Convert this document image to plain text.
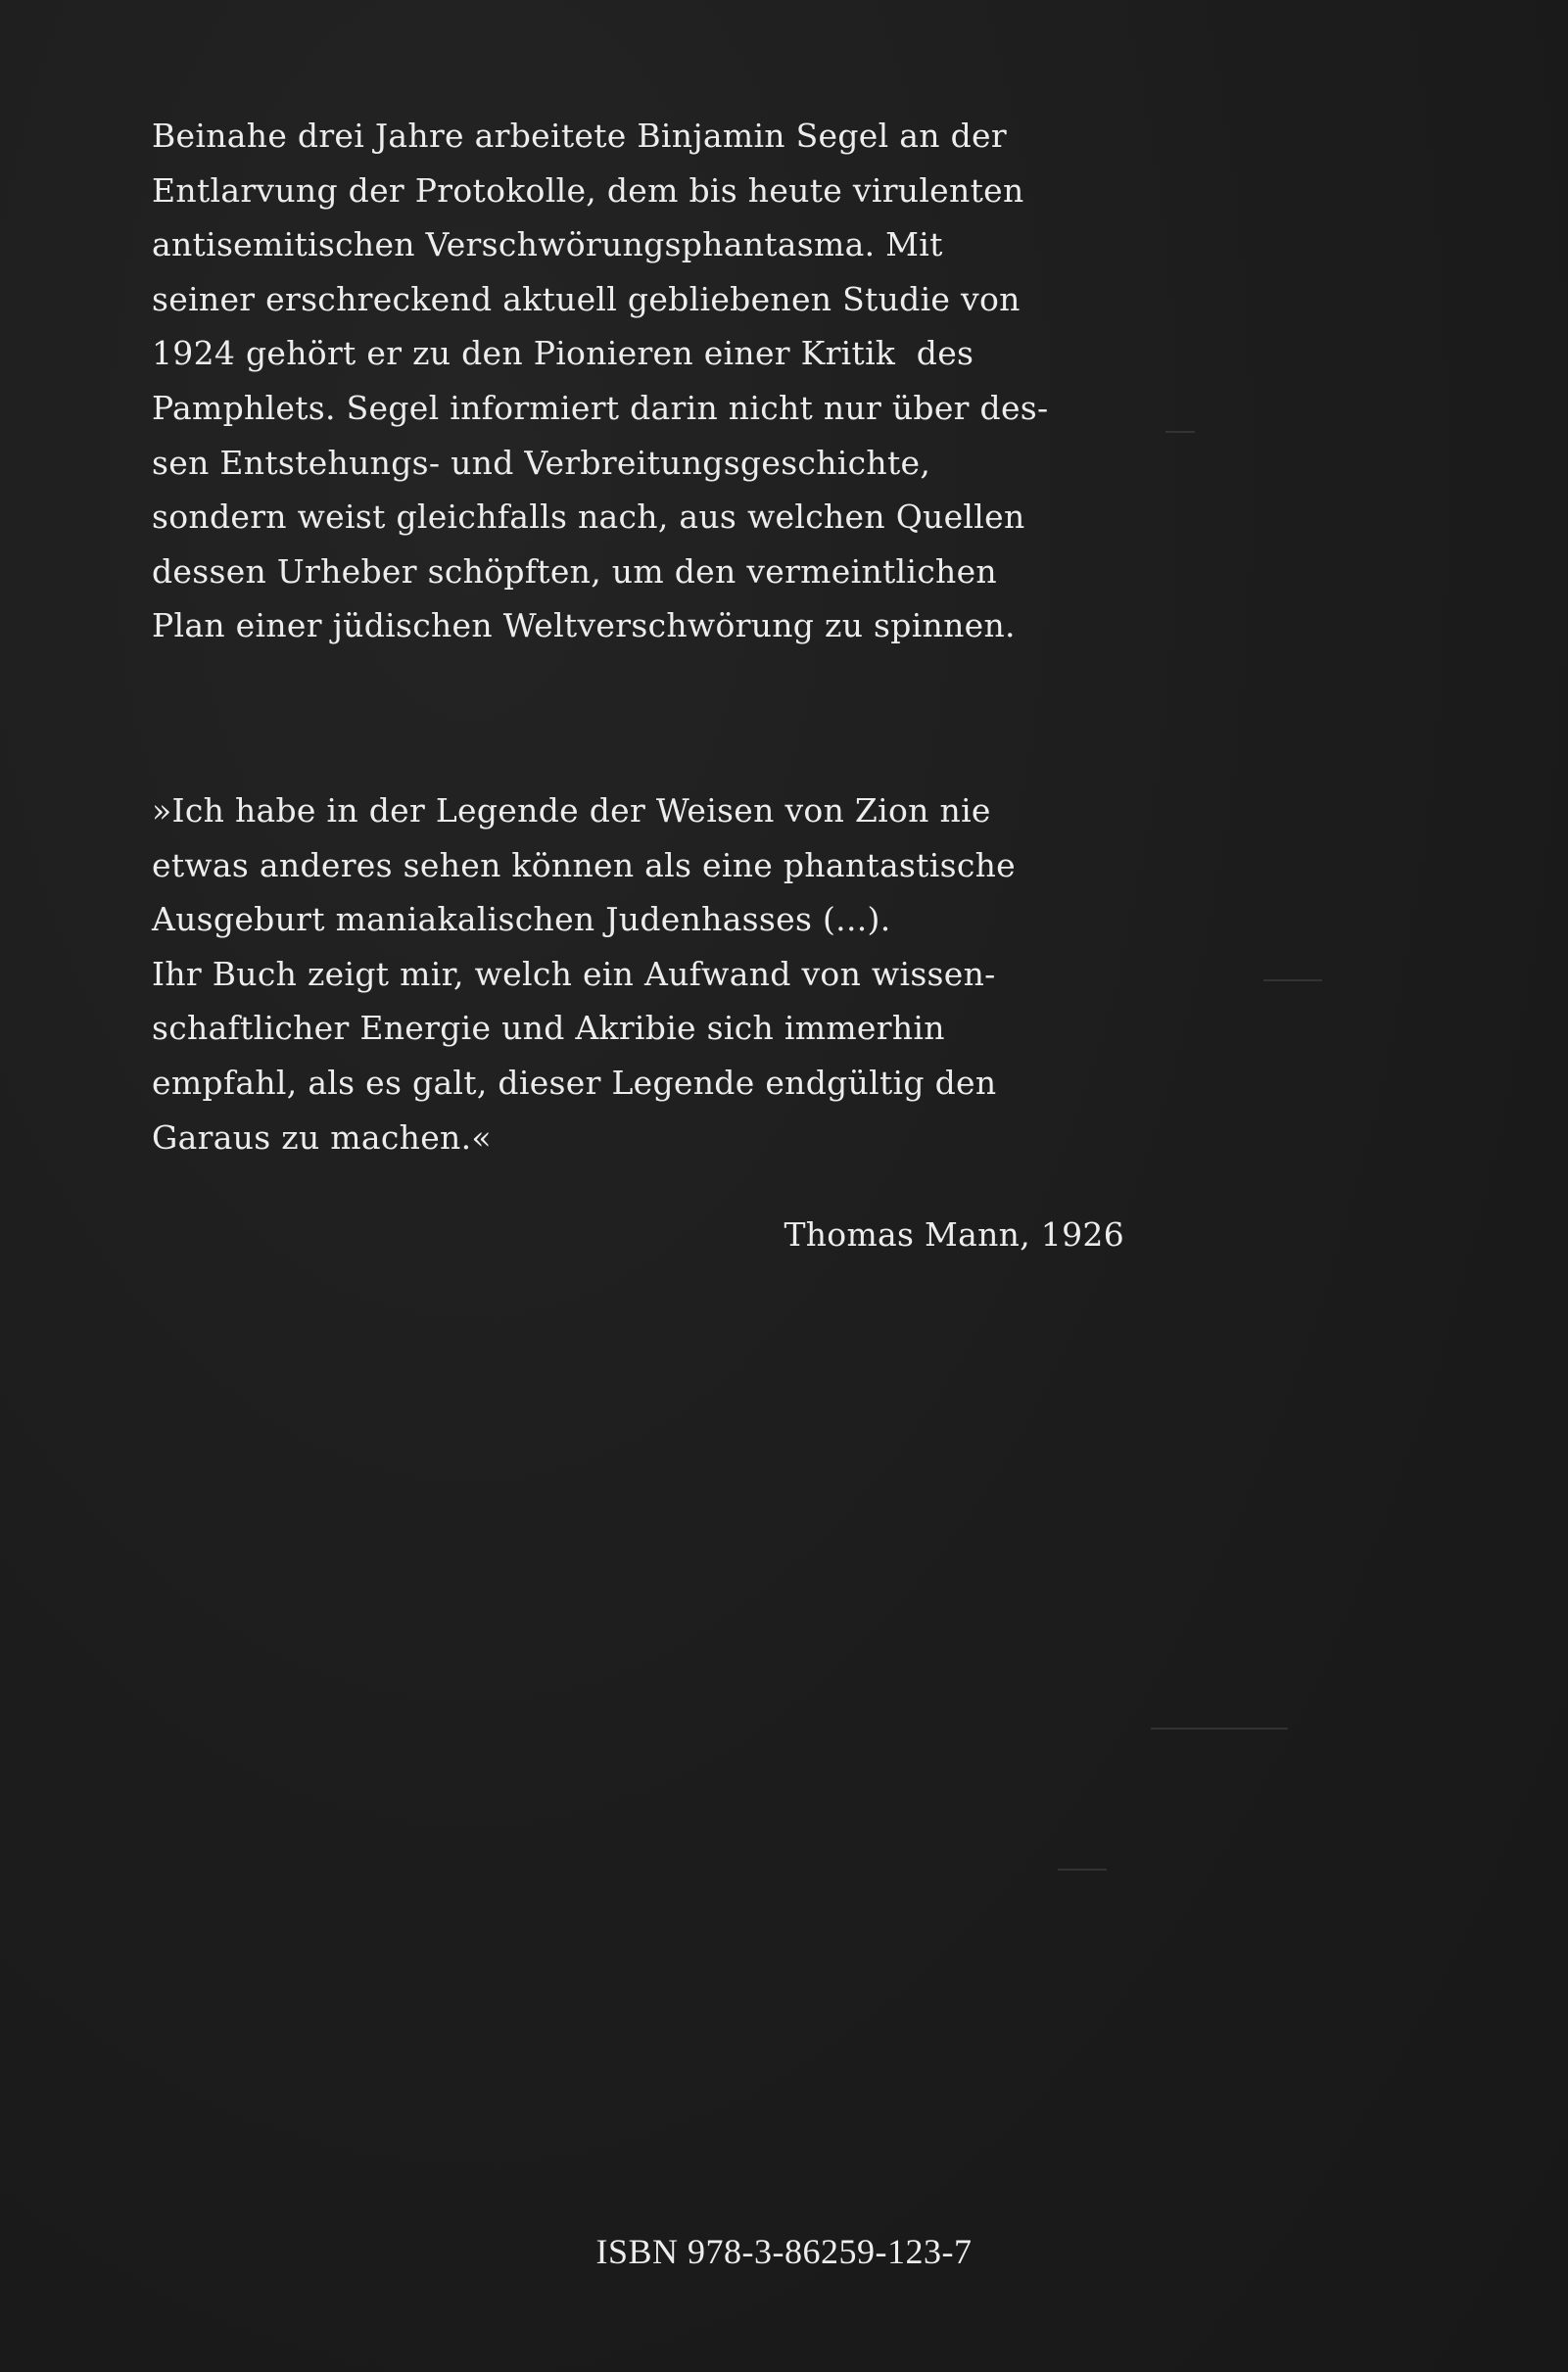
Beinahe drei Jahre arbeitete Binjamin Segel an der
Entlarvung der Protokolle, dem bis heute virulenten
antisemitischen Verschwörungsphantasma. Mit
seiner erschreckend aktuell gebliebenen Studie von
1924 gehört er zu den Pionieren einer Kritik  des
Pamphlets. Segel informiert darin nicht nur über des-
sen Entstehungs- und Verbreitungsgeschichte,
sondern weist gleichfalls nach, aus welchen Quellen
dessen Urheber schöpften, um den vermeintlichen
Plan einer jüdischen Weltverschwörung zu spinnen.
»Ich habe in der Legende der Weisen von Zion nie
etwas anderes sehen können als eine phantastische
Ausgeburt maniakalischen Judenhasses (...).
Ihr Buch zeigt mir, welch ein Aufwand von wissen-
schaftlicher Energie und Akribie sich immerhin
empfahl, als es galt, dieser Legende endgültig den
Garaus zu machen.«
Thomas Mann, 1926
ISBN 978-3-86259-123-7
